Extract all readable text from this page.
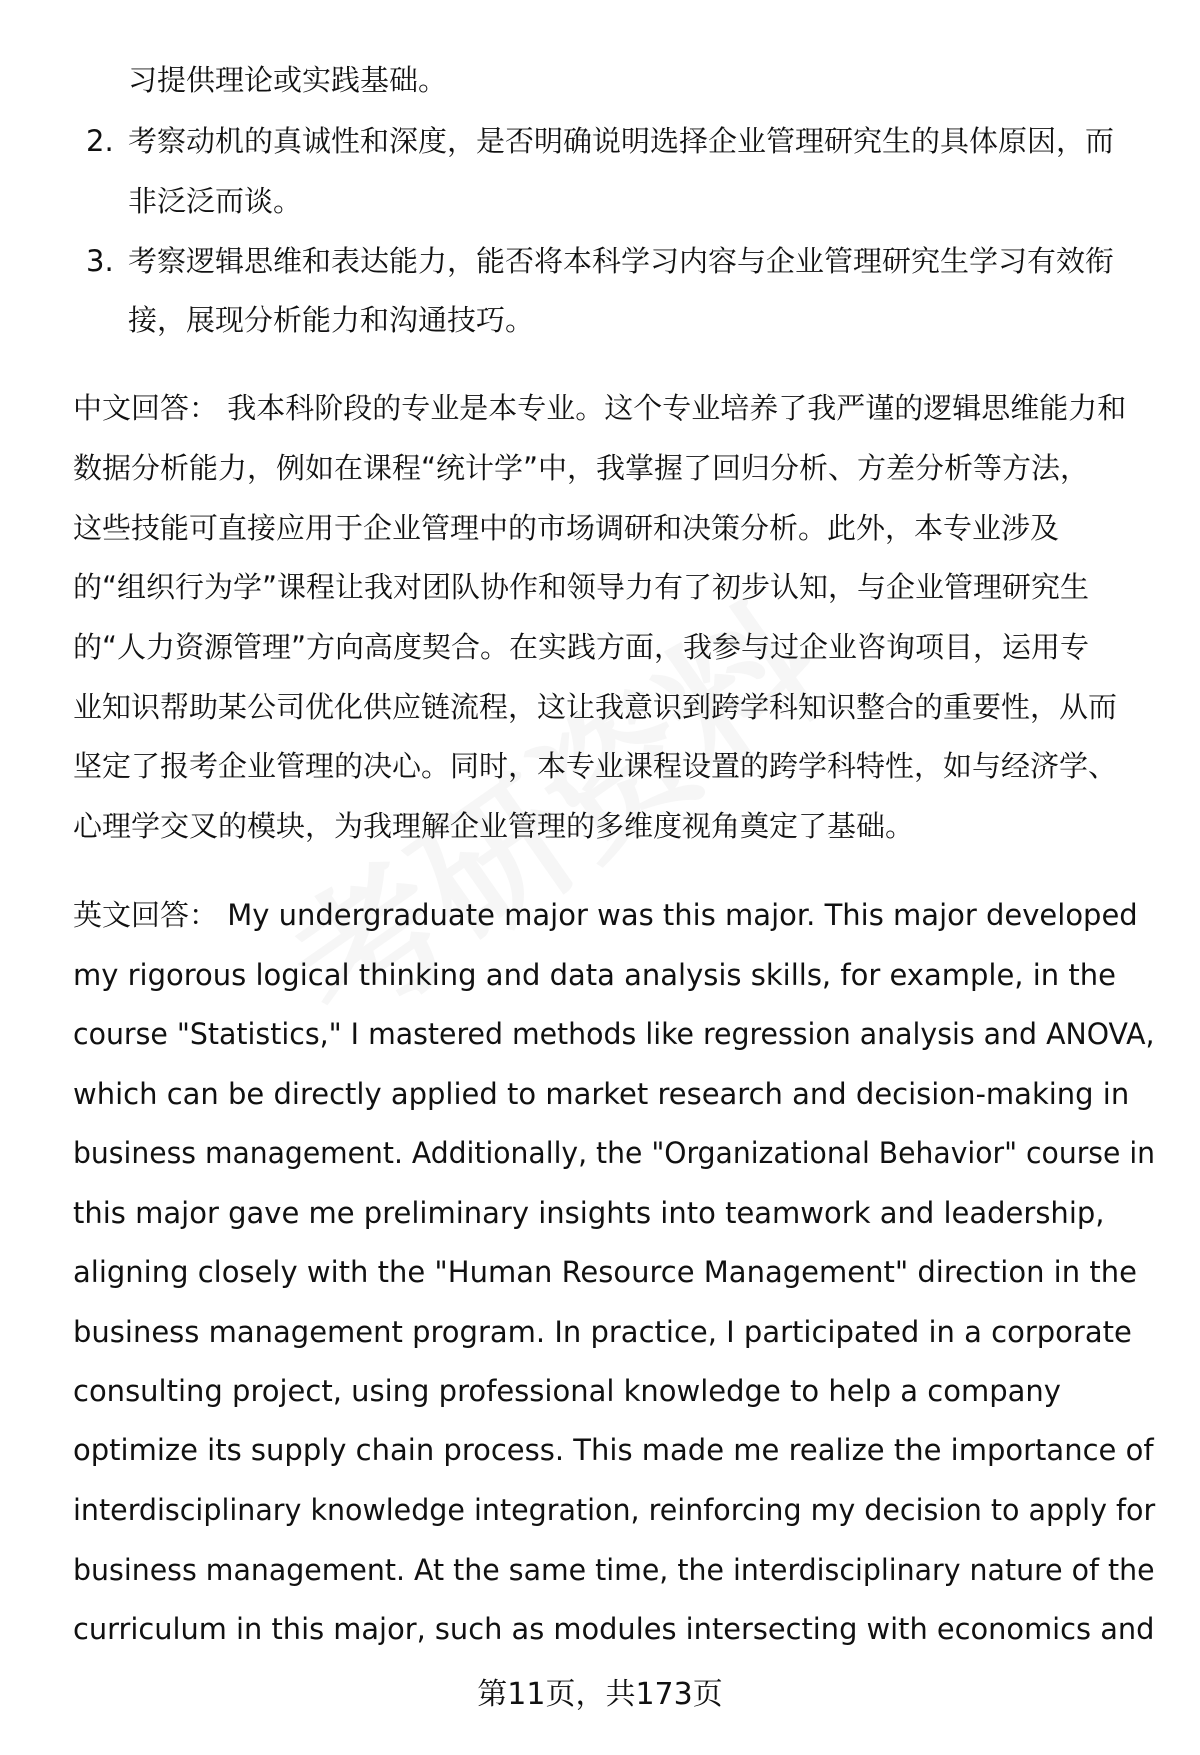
习提供理论或实践基础。
2. 考察动机的真诚性和深度，是否明确说明选择企业管理研究生的具体原因，而
非泛泛而谈。
3. 考察逻辑思维和表达能力，能否将本科学习内容与企业管理研究生学习有效衔
接，展现分析能力和沟通技巧。
中文回答： 我本科阶段的专业是本专业。这个专业培养了我严谨的逻辑思维能力和
数据分析能力，例如在课程“统计学”中，我掌握了回归分析、方差分析等方法，
这些技能可直接应用于企业管理中的市场调研和决策分析。此外，本专业涉及
的“组织行为学”课程让我对团队协作和领导力有了初步认知，与企业管理研究生
的“人力资源管理”方向高度契合。在实践方面，我参与过企业咨询项目，运用专
业知识帮助某公司优化供应链流程，这让我意识到跨学科知识整合的重要性，从而
坚定了报考企业管理的决心。同时，本专业课程设置的跨学科特性，如与经济学、
心理学交叉的模块，为我理解企业管理的多维度视角奠定了基础。
英文回答： My undergraduate major was this major. This major developed
my rigorous logical thinking and data analysis skills, for example, in the
course "Statistics," I mastered methods like regression analysis and ANOVA,
which can be directly applied to market research and decision-making in
business management. Additionally, the "Organizational Behavior" course in
this major gave me preliminary insights into teamwork and leadership,
aligning closely with the "Human Resource Management" direction in the
business management program. In practice, I participated in a corporate
consulting project, using professional knowledge to help a company
optimize its supply chain process. This made me realize the importance of
interdisciplinary knowledge integration, reinforcing my decision to apply for
business management. At the same time, the interdisciplinary nature of the
curriculum in this major, such as modules intersecting with economics and
第11页，共173页
